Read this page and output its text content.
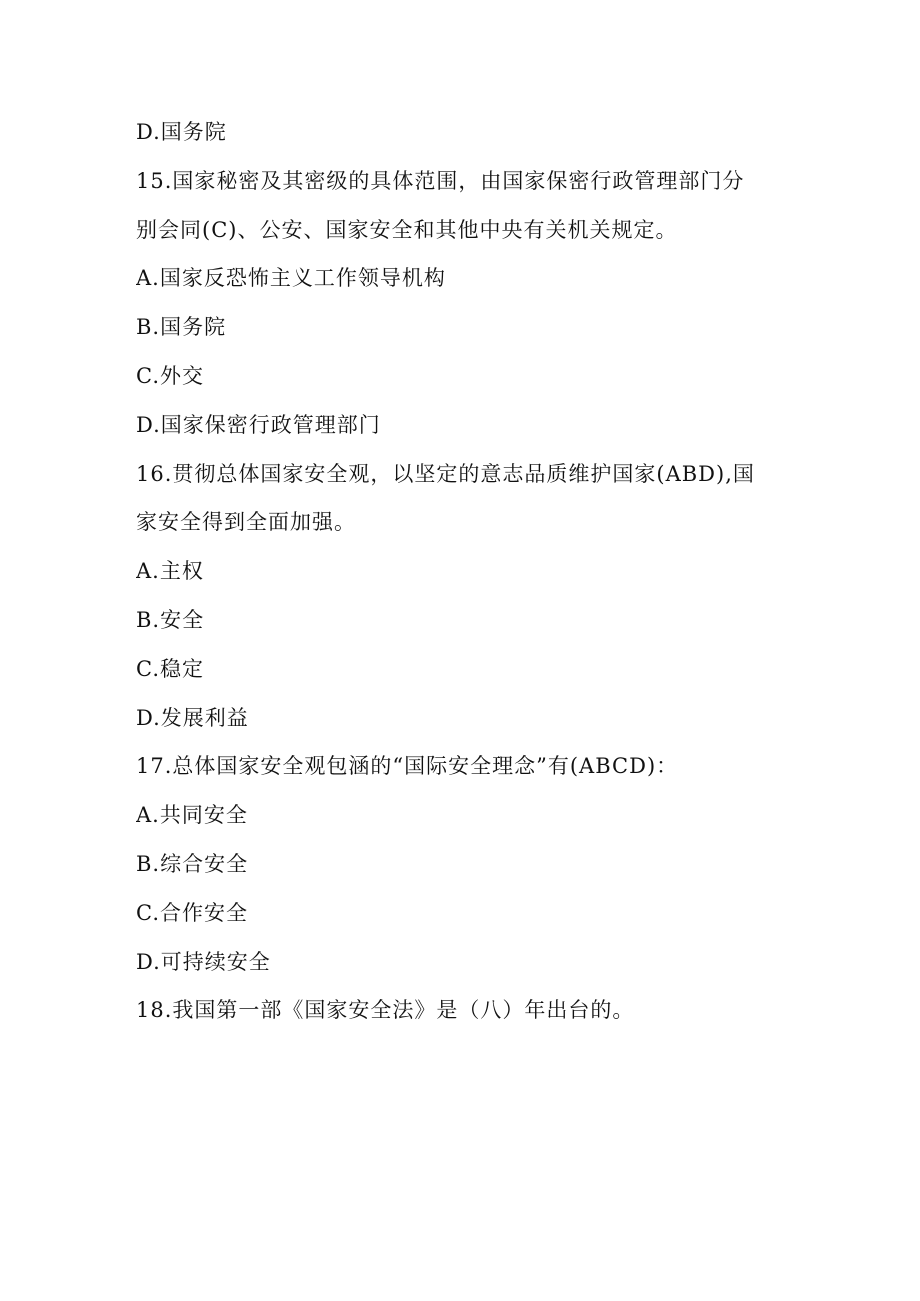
D.国务院
15.国家秘密及其密级的具体范围，由国家保密行政管理部门分
别会同(C)、公安、国家安全和其他中央有关机关规定。
A.国家反恐怖主义工作领导机构
B.国务院
C.外交
D.国家保密行政管理部门
16.贯彻总体国家安全观，以坚定的意志品质维护国家(ABD),国
家安全得到全面加强。
A.主权
B.安全
C.稳定
D.发展利益
17.总体国家安全观包涵的“国际安全理念”有(ABCD)：
A.共同安全
B.综合安全
C.合作安全
D.可持续安全
18.我国第一部《国家安全法》是（八）年出台的。
